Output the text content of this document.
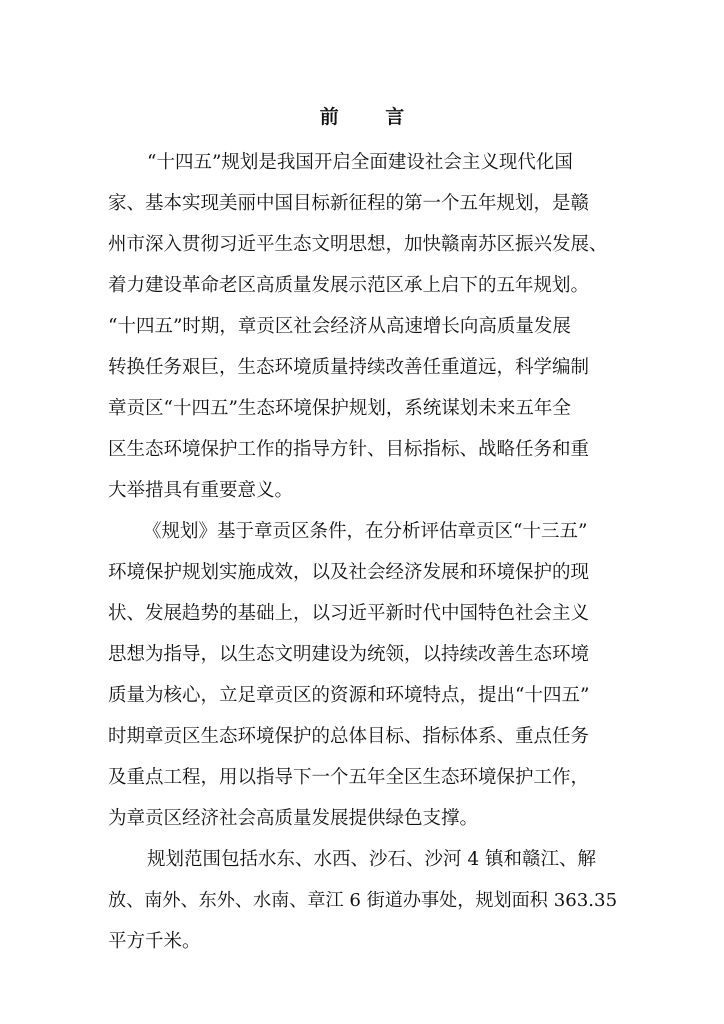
前 言
“十四五”规划是我国开启全面建设社会主义现代化国
家、基本实现美丽中国目标新征程的第一个五年规划，是赣
州市深入贯彻习近平生态文明思想，加快赣南苏区振兴发展、
着力建设革命老区高质量发展示范区承上启下的五年规划。
“十四五”时期，章贡区社会经济从高速增长向高质量发展
转换任务艰巨，生态环境质量持续改善任重道远，科学编制
章贡区“十四五”生态环境保护规划，系统谋划未来五年全
区生态环境保护工作的指导方针、目标指标、战略任务和重
大举措具有重要意义。
《规划》基于章贡区条件，在分析评估章贡区“十三五”
环境保护规划实施成效，以及社会经济发展和环境保护的现
状、发展趋势的基础上，以习近平新时代中国特色社会主义
思想为指导，以生态文明建设为统领，以持续改善生态环境
质量为核心，立足章贡区的资源和环境特点，提出“十四五”
时期章贡区生态环境保护的总体目标、指标体系、重点任务
及重点工程，用以指导下一个五年全区生态环境保护工作，
为章贡区经济社会高质量发展提供绿色支撑。
规划范围包括水东、水西、沙石、沙河 4 镇和赣江、解
放、南外、东外、水南、章江 6 街道办事处，规划面积 363.35
平方千米。
